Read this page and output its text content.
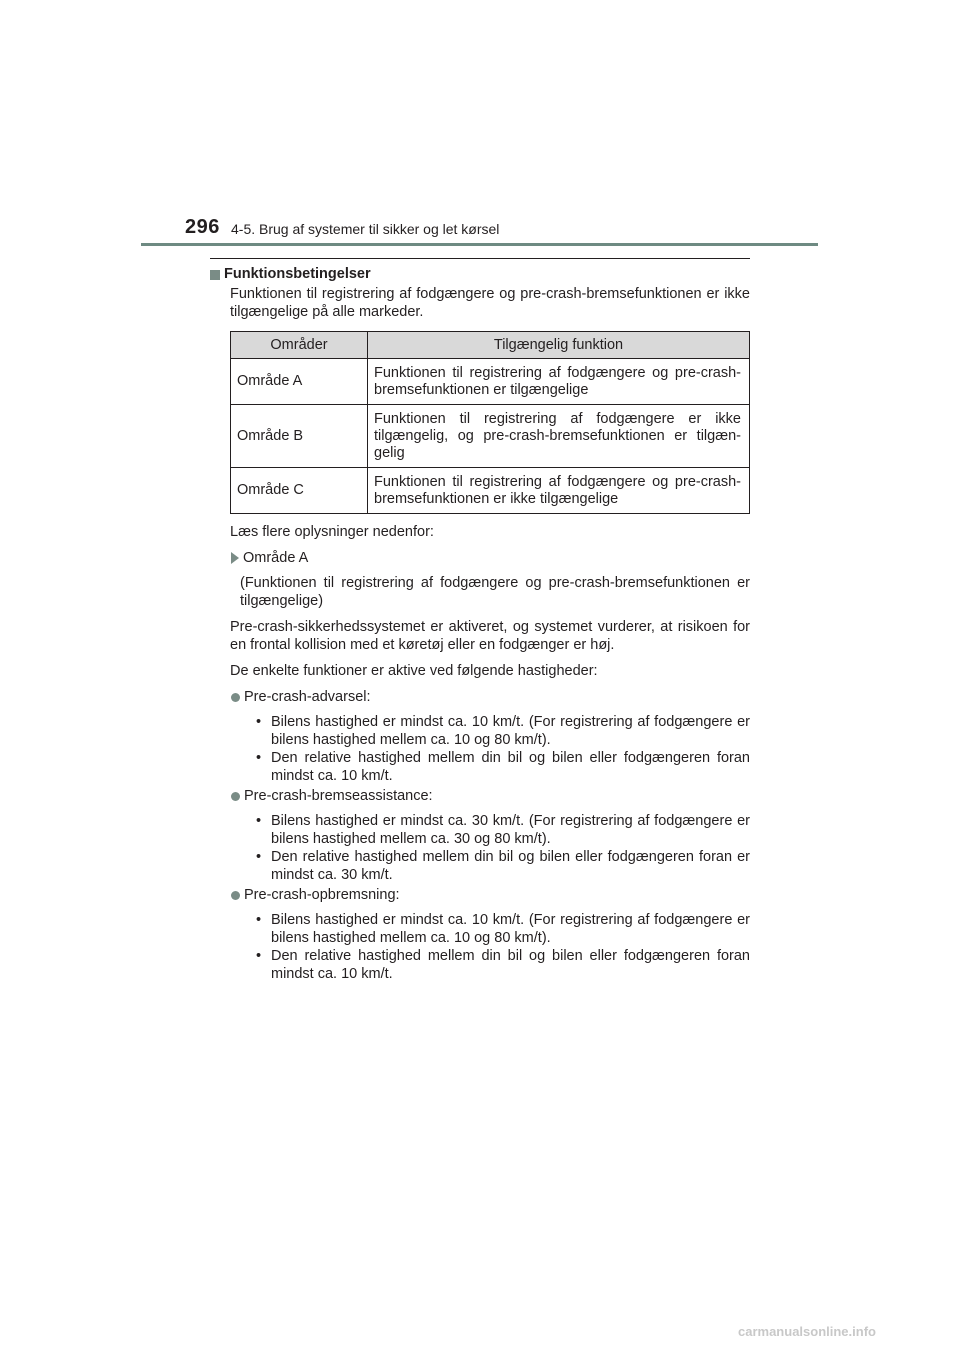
296 4-5. Brug af systemer til sikker og let kørsel
Funktionsbetingelser

Funktionen til registrering af fodgængere og pre-crash-bremsefunktionen er ikke tilgængelige på alle markeder.

Områder	Tilgængelig funktion
Område A	Funktionen til registrering af fodgængere og pre-crash-bremsefunktionen er tilgængelige
Område B	Funktionen til registrering af fodgængere er ikke tilgængelig, og pre-crash-bremsefunktionen er tilgæn-gelig
Område C	Funktionen til registrering af fodgængere og pre-crash-bremsefunktionen er ikke tilgængelige

Læs flere oplysninger nedenfor:

Område A

(Funktionen til registrering af fodgængere og pre-crash-bremsefunktionen er tilgængelige)

Pre-crash-sikkerhedssystemet er aktiveret, og systemet vurderer, at risikoen for en frontal kollision med et køretøj eller en fodgænger er høj.

De enkelte funktioner er aktive ved følgende hastigheder:

Pre-crash-advarsel:
• Bilens hastighed er mindst ca. 10 km/t. (For registrering af fodgængere er bilens hastighed mellem ca. 10 og 80 km/t).
• Den relative hastighed mellem din bil og bilen eller fodgængeren foran mindst ca. 10 km/t.
Pre-crash-bremseassistance:
• Bilens hastighed er mindst ca. 30 km/t. (For registrering af fodgængere er bilens hastighed mellem ca. 30 og 80 km/t).
• Den relative hastighed mellem din bil og bilen eller fodgængeren foran er mindst ca. 30 km/t.
Pre-crash-opbremsning:
• Bilens hastighed er mindst ca. 10 km/t. (For registrering af fodgængere er bilens hastighed mellem ca. 10 og 80 km/t).
• Den relative hastighed mellem din bil og bilen eller fodgængeren foran mindst ca. 10 km/t.
carmanualsonline.info
